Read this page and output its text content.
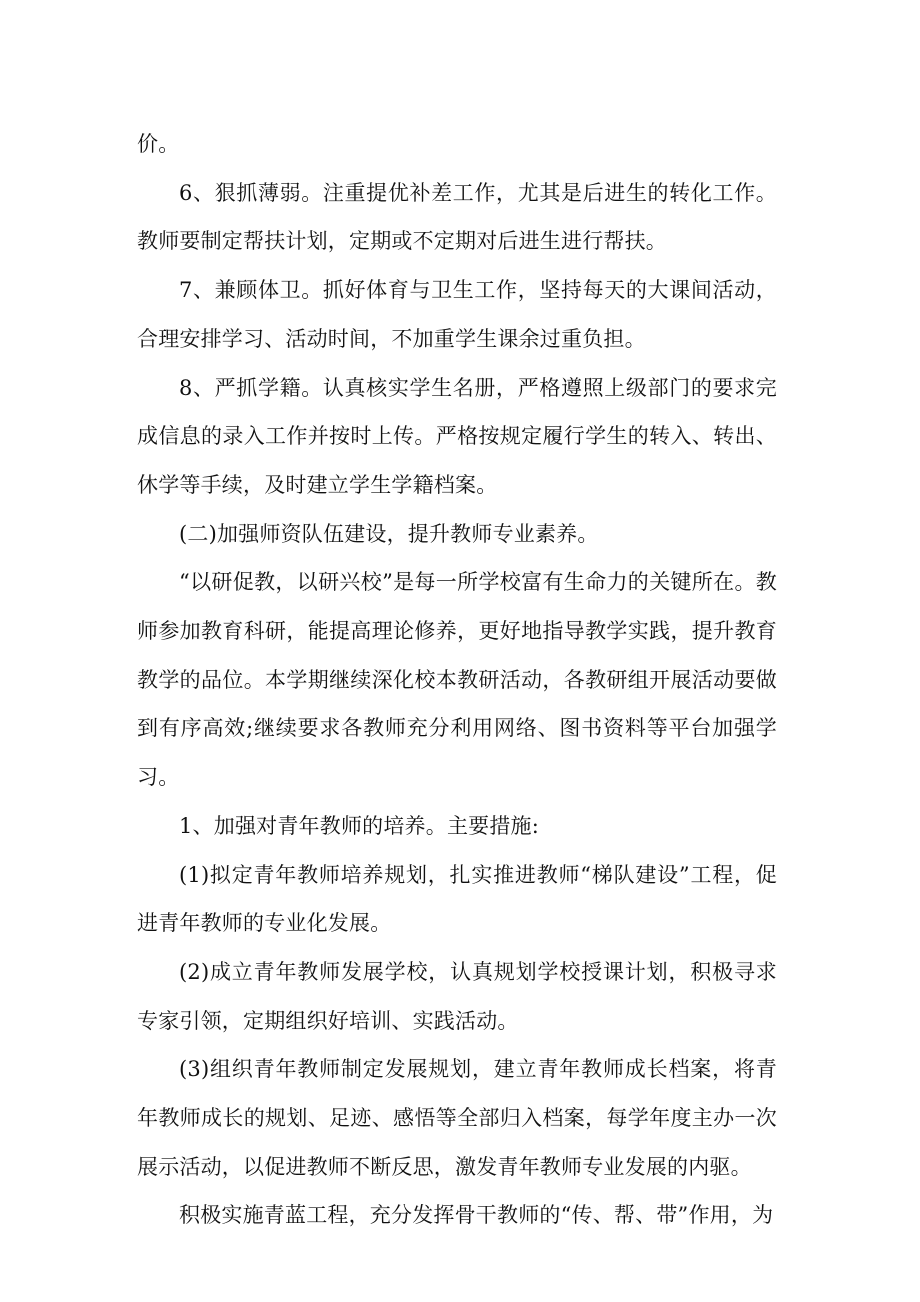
价。

6、狠抓薄弱。注重提优补差工作，尤其是后进生的转化工作。教师要制定帮扶计划，定期或不定期对后进生进行帮扶。

7、兼顾体卫。抓好体育与卫生工作，坚持每天的大课间活动，合理安排学习、活动时间，不加重学生课余过重负担。

8、严抓学籍。认真核实学生名册，严格遵照上级部门的要求完成信息的录入工作并按时上传。严格按规定履行学生的转入、转出、休学等手续，及时建立学生学籍档案。

(二)加强师资队伍建设，提升教师专业素养。

“以研促教，以研兴校”是每一所学校富有生命力的关键所在。教师参加教育科研，能提高理论修养，更好地指导教学实践，提升教育教学的品位。本学期继续深化校本教研活动，各教研组开展活动要做到有序高效;继续要求各教师充分利用网络、图书资料等平台加强学习。

1、加强对青年教师的培养。主要措施:

(1)拟定青年教师培养规划，扎实推进教师“梯队建设”工程，促进青年教师的专业化发展。

(2)成立青年教师发展学校，认真规划学校授课计划，积极寻求专家引领，定期组织好培训、实践活动。

(3)组织青年教师制定发展规划，建立青年教师成长档案，将青年教师成长的规划、足迹、感悟等全部归入档案，每学年度主办一次展示活动，以促进教师不断反思，激发青年教师专业发展的内驱。

积极实施青蓝工程，充分发挥骨干教师的“传、帮、带”作用，为
